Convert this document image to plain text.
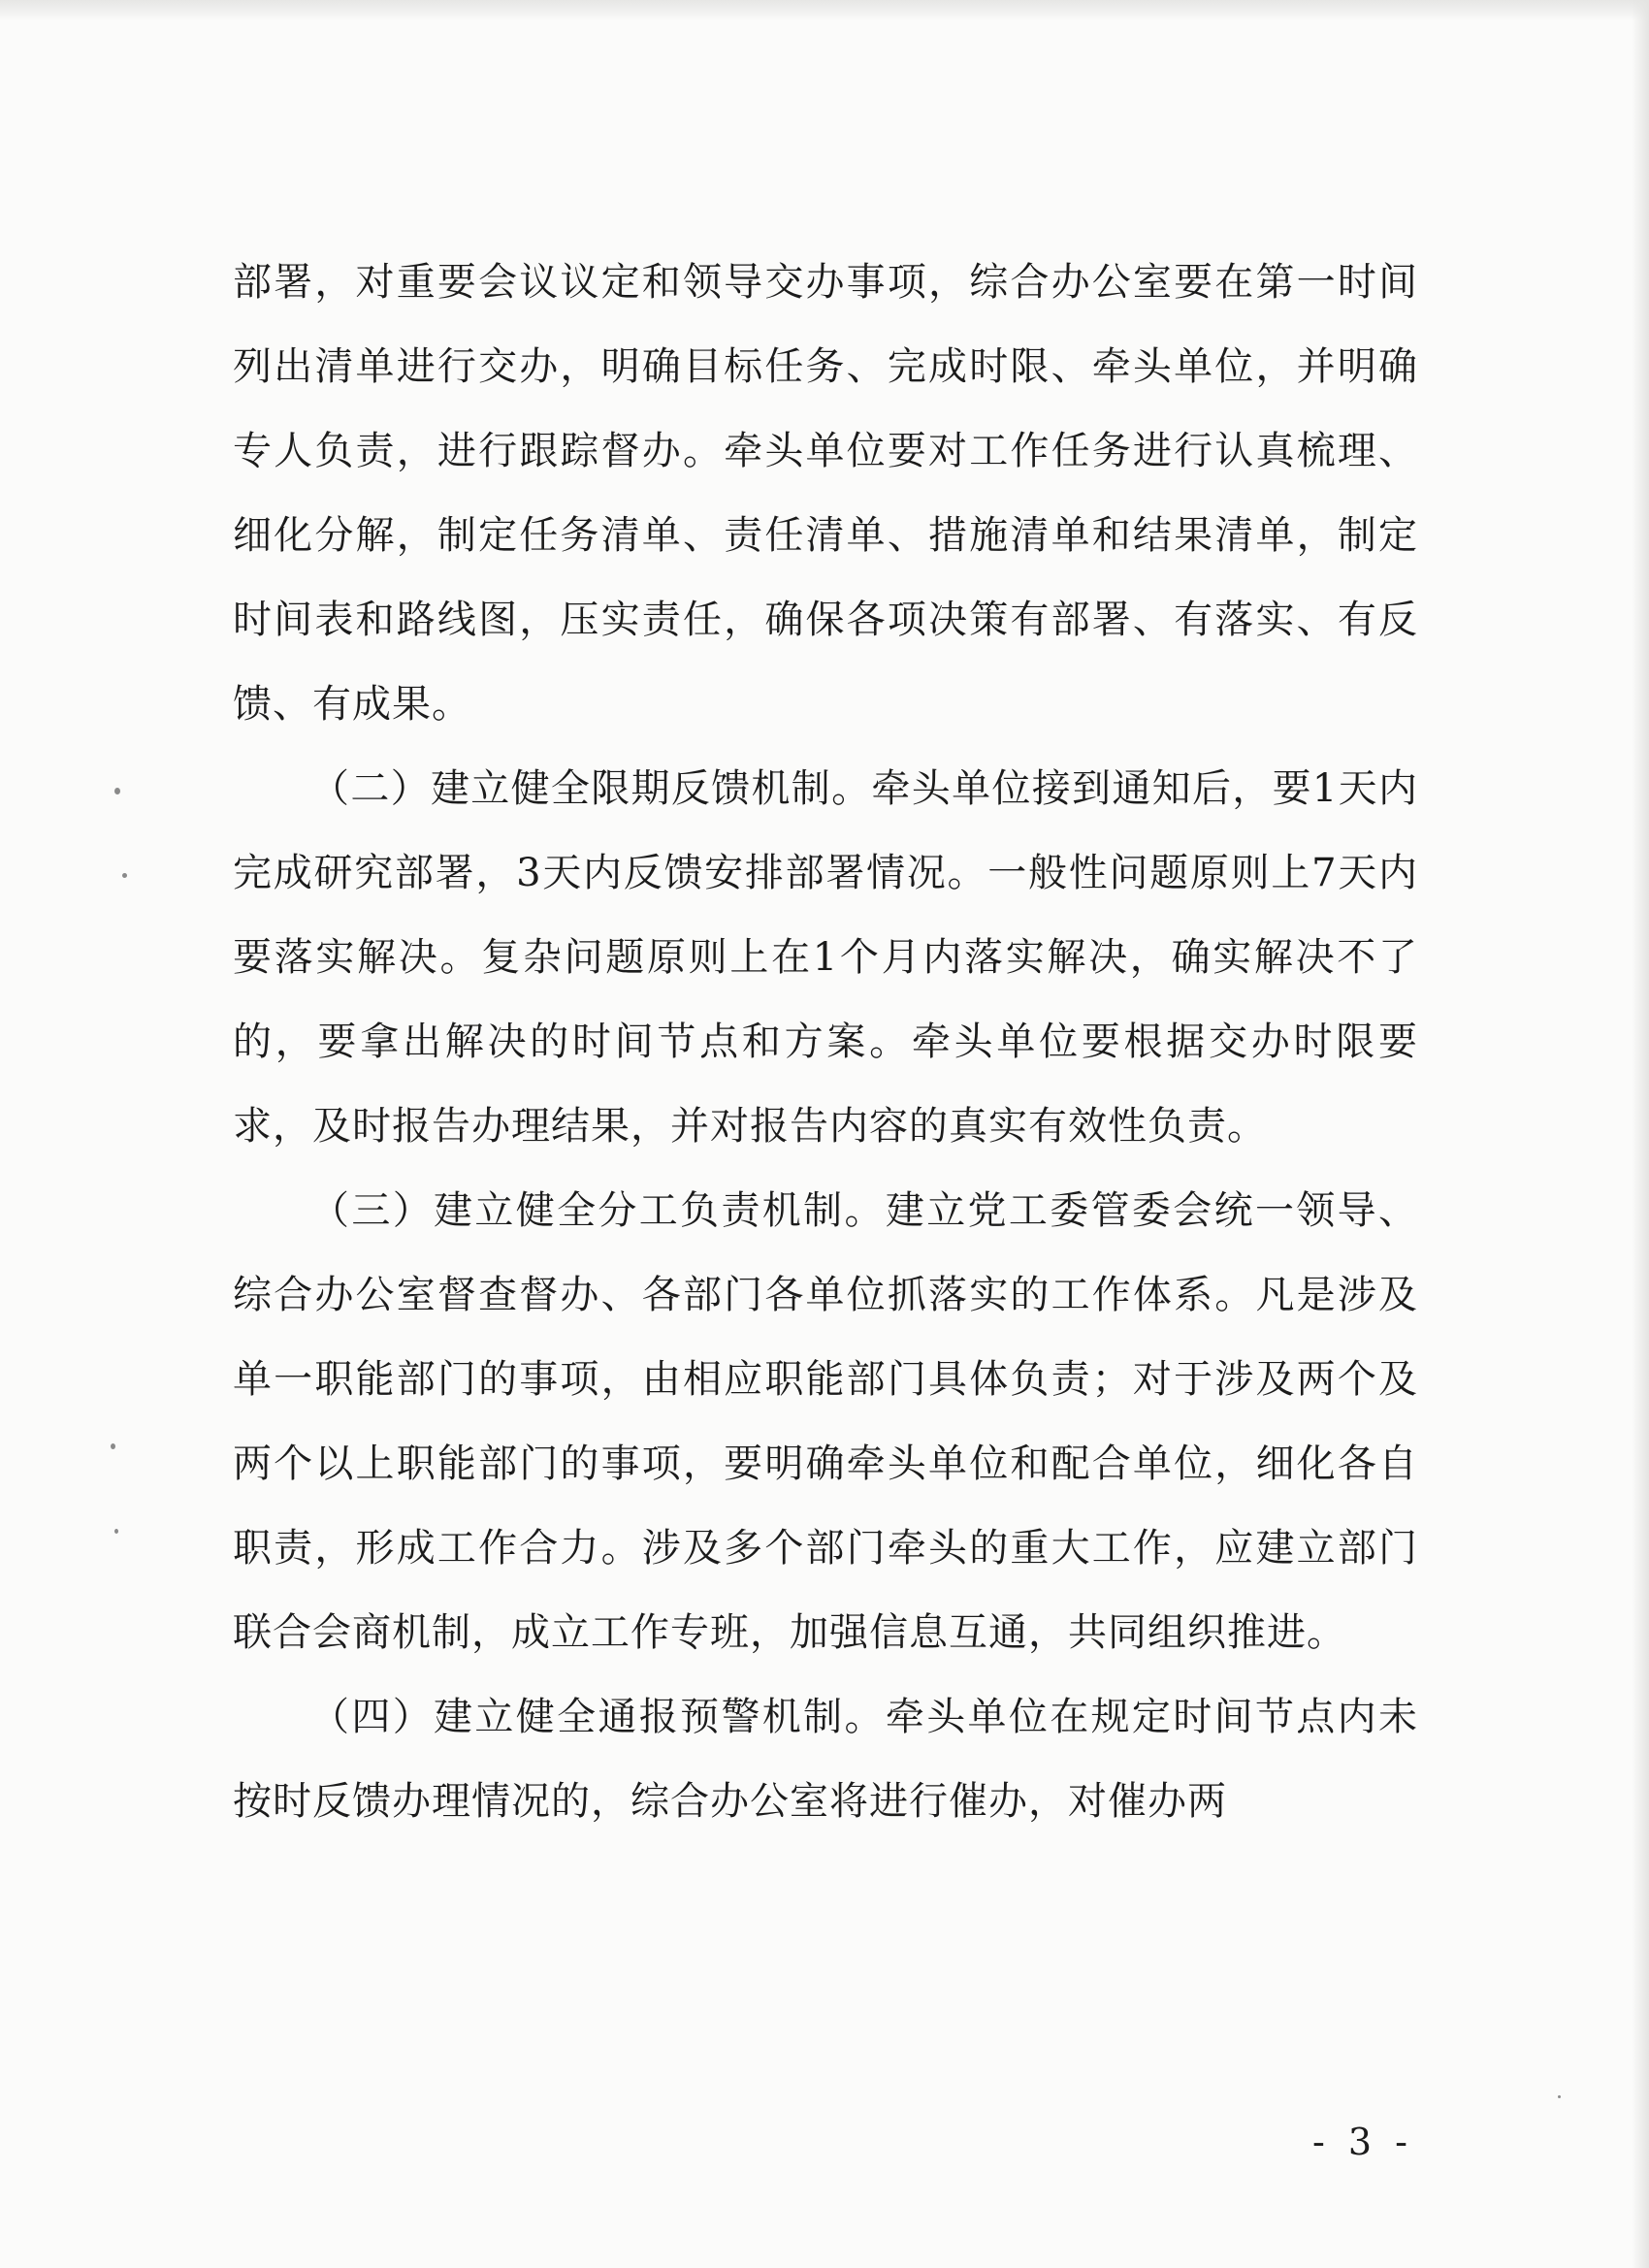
部署，对重要会议议定和领导交办事项，综合办公室要在第一时间列出清单进行交办，明确目标任务、完成时限、牵头单位，并明确专人负责，进行跟踪督办。牵头单位要对工作任务进行认真梳理、细化分解，制定任务清单、责任清单、措施清单和结果清单，制定时间表和路线图，压实责任，确保各项决策有部署、有落实、有反馈、有成果。

（二）建立健全限期反馈机制。牵头单位接到通知后，要1天内完成研究部署，3天内反馈安排部署情况。一般性问题原则上7天内要落实解决。复杂问题原则上在1个月内落实解决，确实解决不了的，要拿出解决的时间节点和方案。牵头单位要根据交办时限要求，及时报告办理结果，并对报告内容的真实有效性负责。

（三）建立健全分工负责机制。建立党工委管委会统一领导、综合办公室督查督办、各部门各单位抓落实的工作体系。凡是涉及单一职能部门的事项，由相应职能部门具体负责；对于涉及两个及两个以上职能部门的事项，要明确牵头单位和配合单位，细化各自职责，形成工作合力。涉及多个部门牵头的重大工作，应建立部门联合会商机制，成立工作专班，加强信息互通，共同组织推进。

（四）建立健全通报预警机制。牵头单位在规定时间节点内未按时反馈办理情况的，综合办公室将进行催办，对催办两

- 3 -
